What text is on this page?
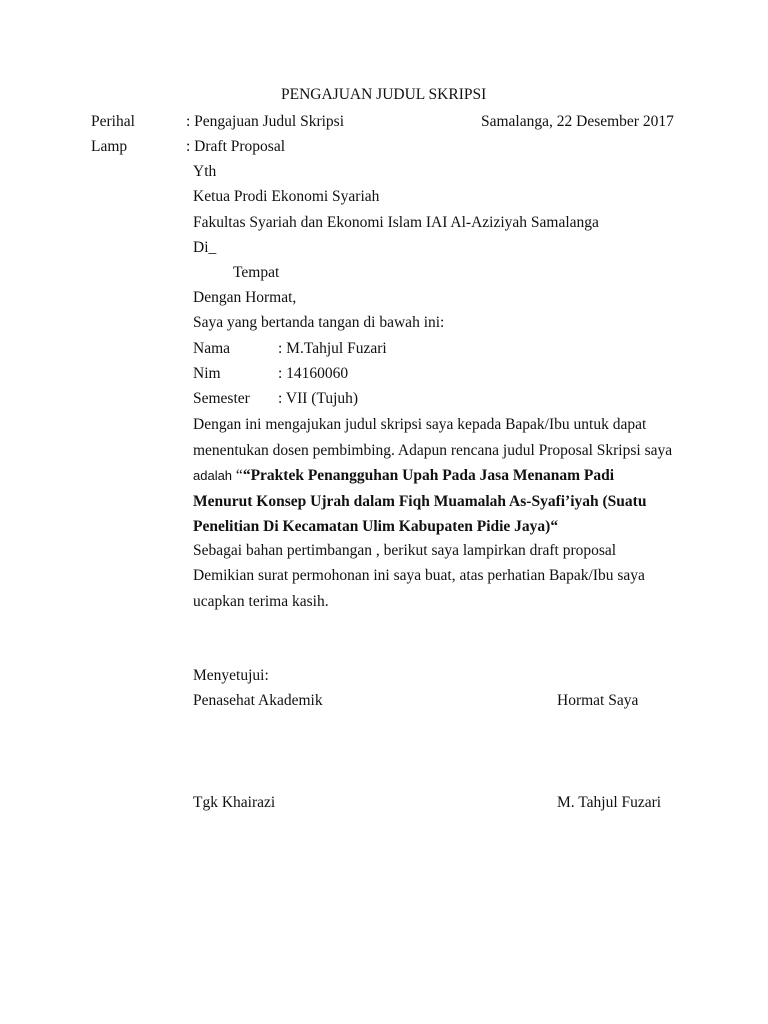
PENGAJUAN JUDUL SKRIPSI
Perihal	: Pengajuan Judul Skripsi	Samalanga, 22 Desember 2017
Lamp	: Draft Proposal
Yth
Ketua Prodi Ekonomi Syariah
Fakultas Syariah dan Ekonomi Islam IAI Al-Aziziyah Samalanga
Di_
Tempat
Dengan Hormat,
Saya yang bertanda tangan di bawah ini:
Nama	: M.Tahjul Fuzari
Nim	: 14160060
Semester : VII (Tujuh)
Dengan ini mengajukan judul skripsi saya kepada Bapak/Ibu untuk dapat
menentukan dosen pembimbing. Adapun rencana judul Proposal Skripsi saya
adalah ““Praktek Penangguhan Upah Pada Jasa Menanam Padi
Menurut Konsep Ujrah dalam Fiqh Muamalah As-Syafi’iyah (Suatu
Penelitian Di Kecamatan Ulim Kabupaten Pidie Jaya)“
Sebagai bahan pertimbangan , berikut saya lampirkan draft proposal
Demikian surat permohonan ini saya buat, atas perhatian Bapak/Ibu saya
ucapkan terima kasih.
Menyetujui:
Penasehat Akademik	Hormat Saya
Tgk Khairazi	M. Tahjul Fuzari
